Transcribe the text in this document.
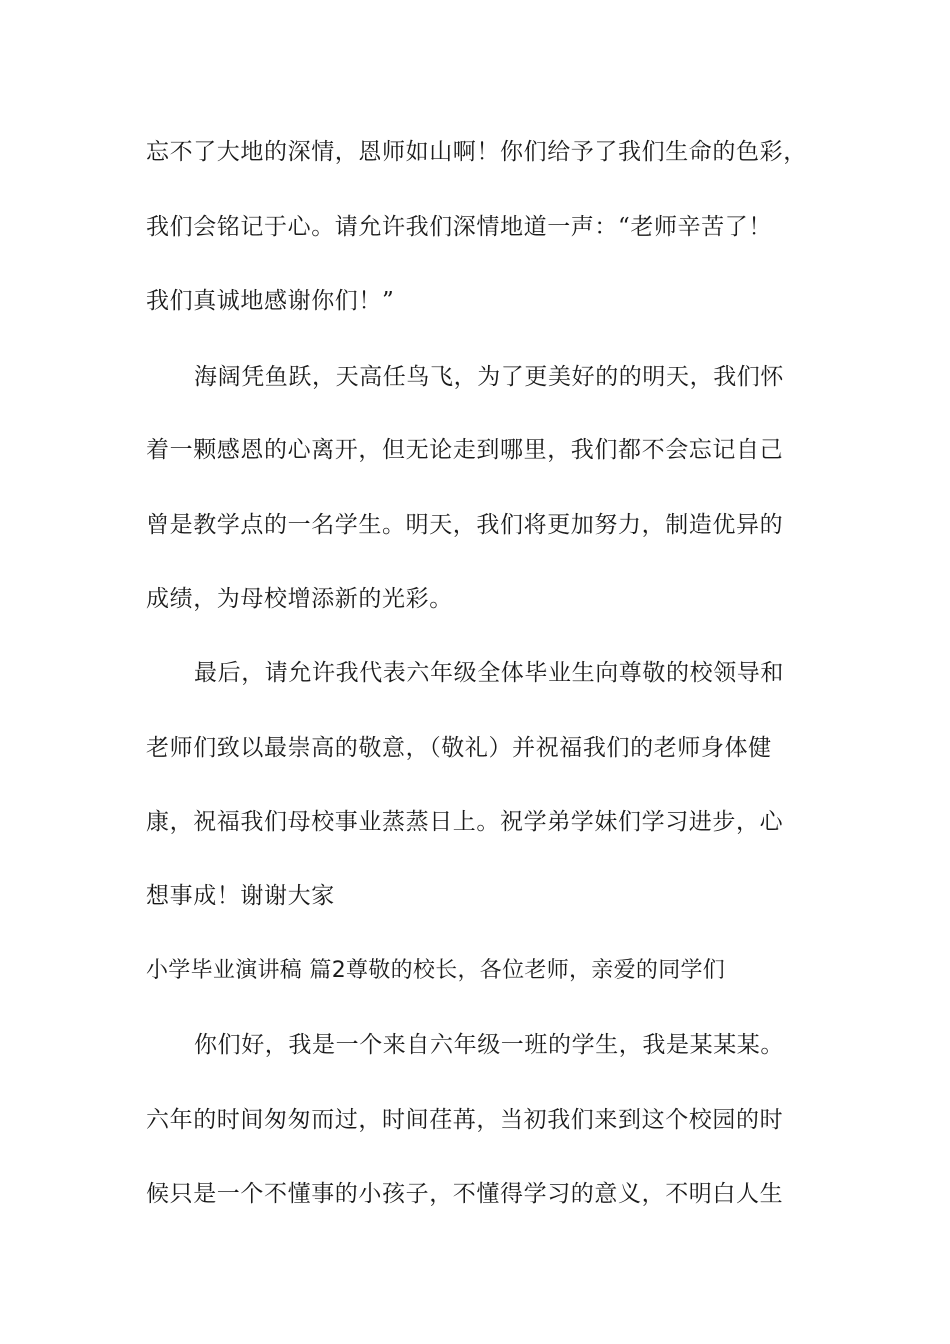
忘不了大地的深情，恩师如山啊！你们给予了我们生命的色彩，
我们会铭记于心。请允许我们深情地道一声：“老师辛苦了！
我们真诚地感谢你们！”
海阔凭鱼跃，天高任鸟飞，为了更美好的的明天，我们怀
着一颗感恩的心离开，但无论走到哪里，我们都不会忘记自己
曾是教学点的一名学生。明天，我们将更加努力，制造优异的
成绩，为母校增添新的光彩。
最后，请允许我代表六年级全体毕业生向尊敬的校领导和
老师们致以最崇高的敬意，（敬礼）并祝福我们的老师身体健
康，祝福我们母校事业蒸蒸日上。祝学弟学妹们学习进步，心
想事成！谢谢大家
小学毕业演讲稿 篇2尊敬的校长，各位老师，亲爱的同学们
你们好，我是一个来自六年级一班的学生，我是某某某。
六年的时间匆匆而过，时间荏苒，当初我们来到这个校园的时
候只是一个不懂事的小孩子，不懂得学习的意义，不明白人生
